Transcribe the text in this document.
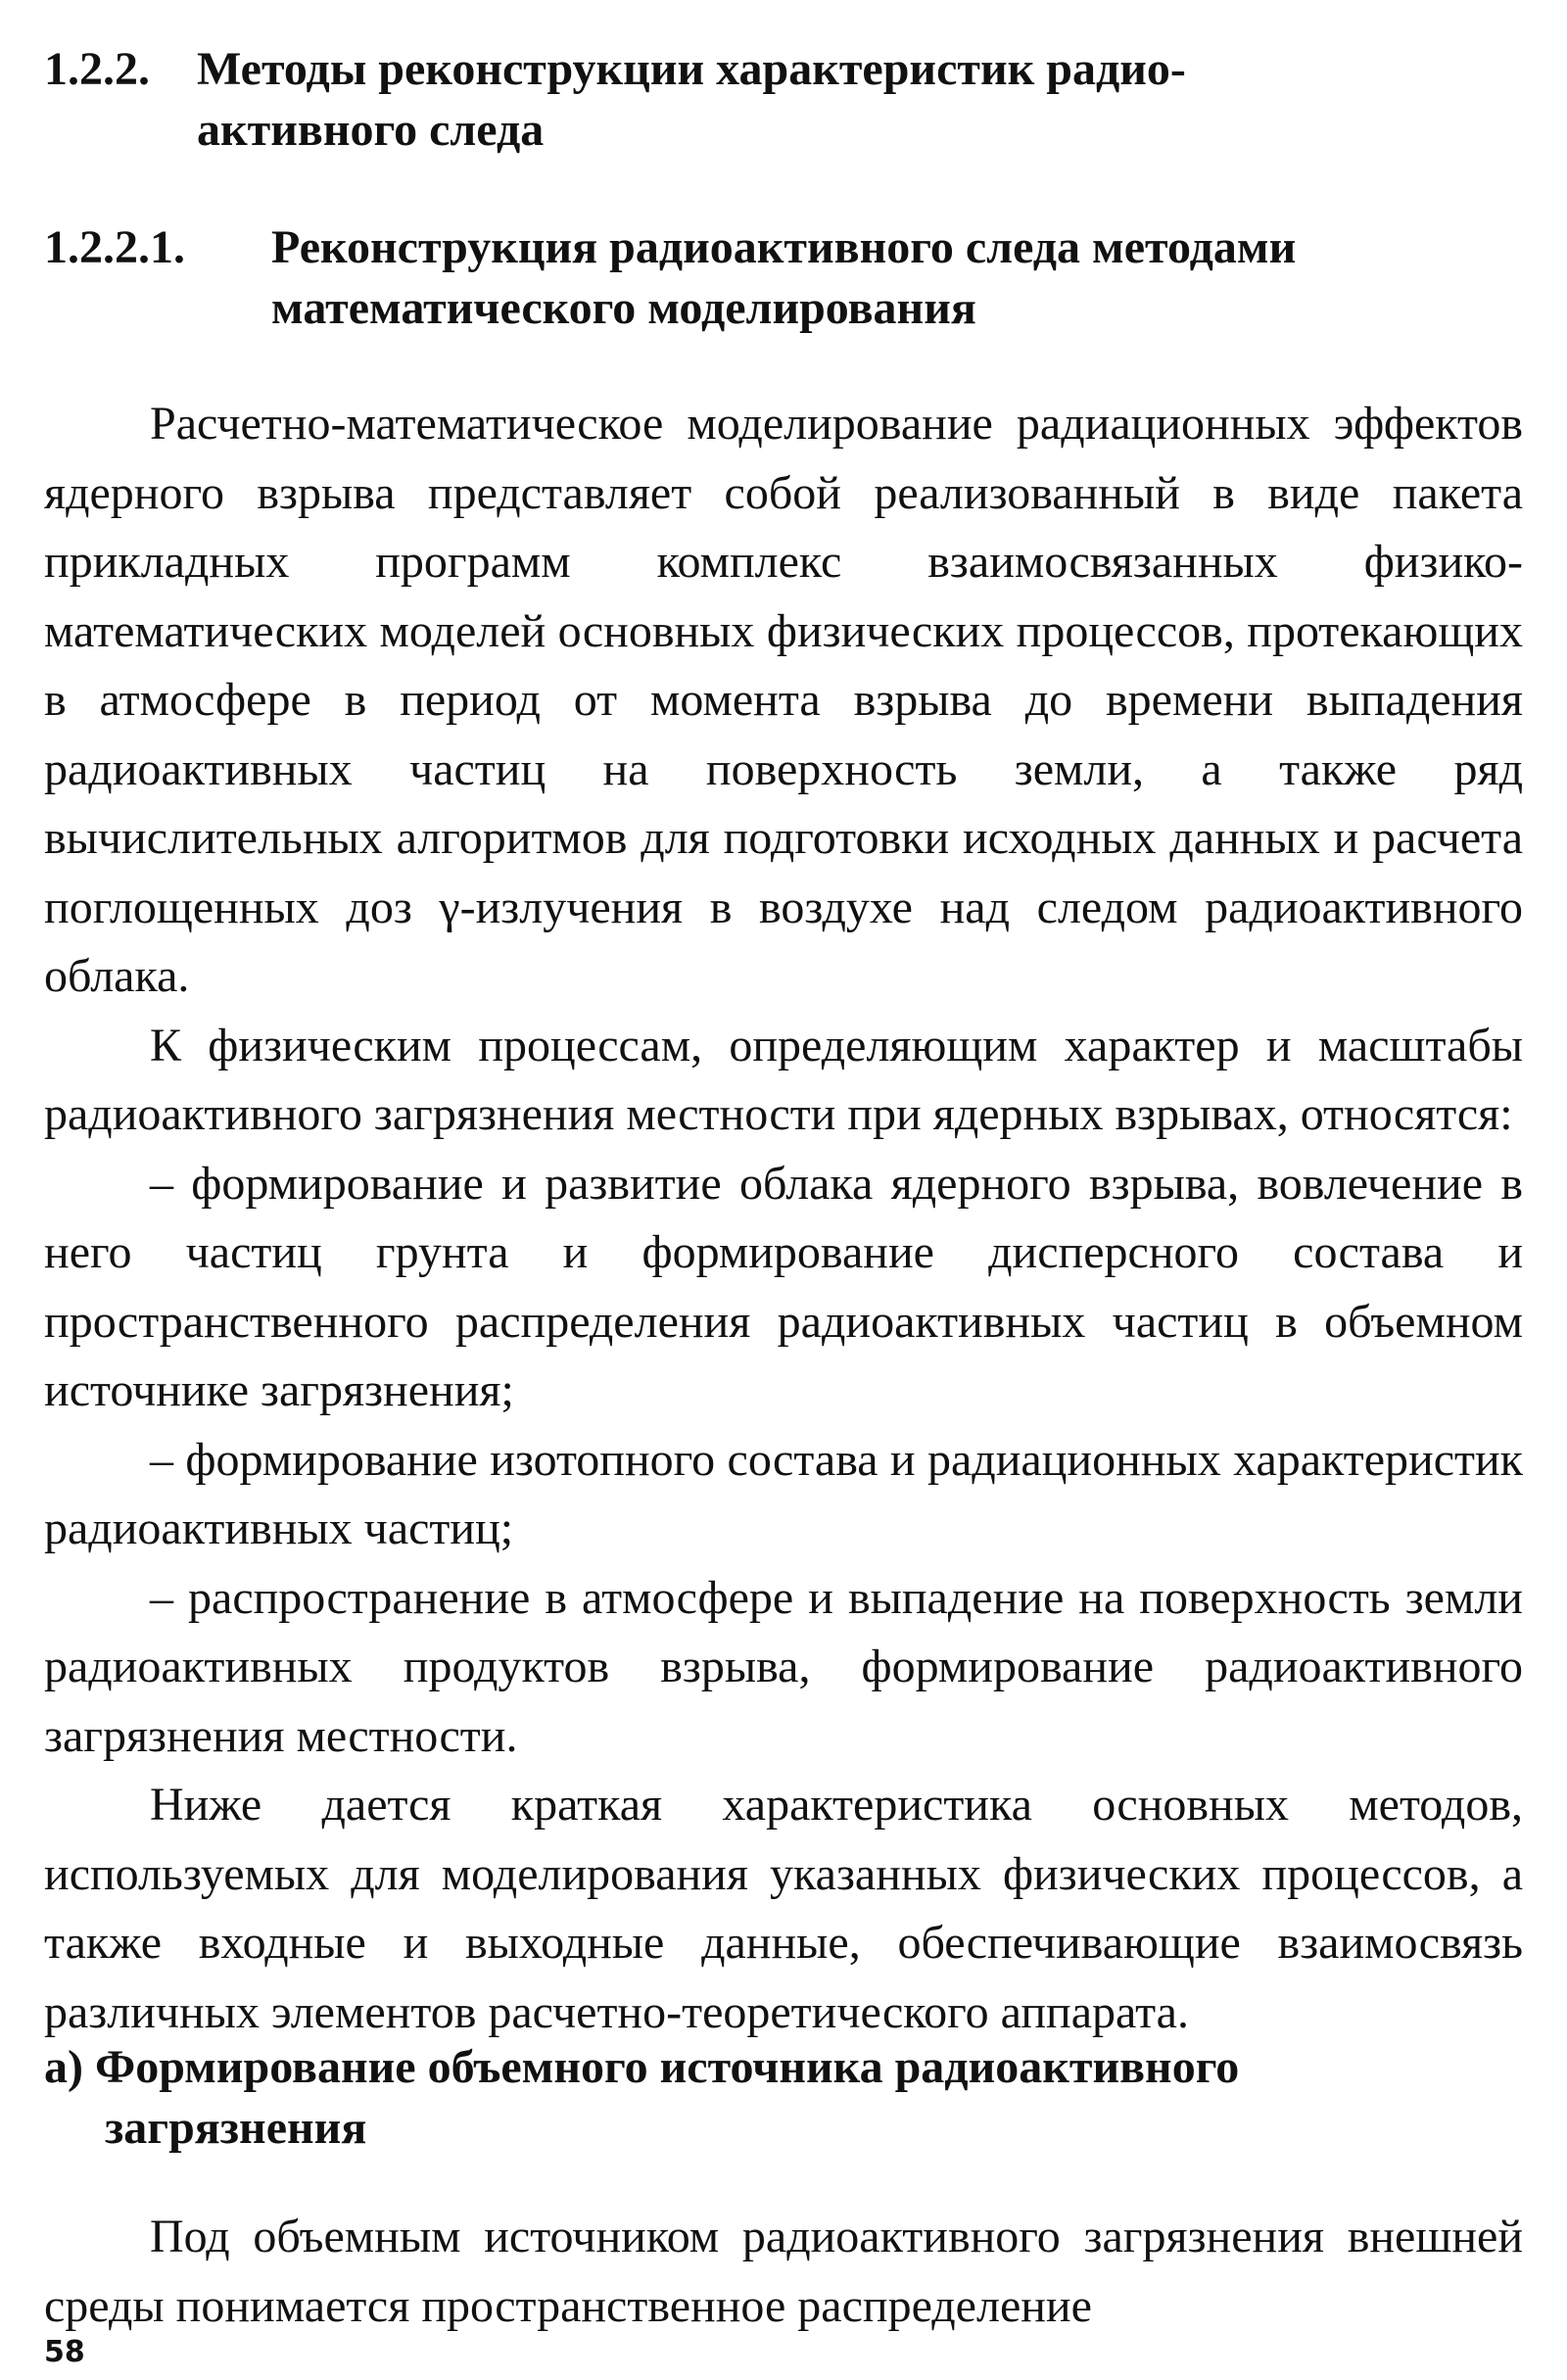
1.2.2. Методы реконструкции характеристик радио-
активного следа
1.2.2.1. Реконструкция радиоактивного следа методами
математического моделирования

Расчетно-математическое моделирование радиационных эффектов ядерного взрыва представляет собой реализованный в виде пакета прикладных программ комплекс взаимосвязанных физико-математических моделей основных физических процессов, протекающих в атмосфере в период от момента взрыва до времени выпадения радиоактивных частиц на поверхность земли, а также ряд вычислительных алгоритмов для подготовки исходных данных и расчета поглощенных доз γ-излучения в воздухе над следом радиоактивного облака.

К физическим процессам, определяющим характер и масштабы радиоактивного загрязнения местности при ядерных взрывах, относятся:

– формирование и развитие облака ядерного взрыва, вовлечение в него частиц грунта и формирование дисперсного состава и пространственного распределения радиоактивных частиц в объемном источнике загрязнения;

– формирование изотопного состава и радиационных характеристик радиоактивных частиц;

– распространение в атмосфере и выпадение на поверхность земли радиоактивных продуктов взрыва, формирование радиоактивного загрязнения местности.

Ниже дается краткая характеристика основных методов, используемых для моделирования указанных физических процессов, а также входные и выходные данные, обеспечивающие взаимосвязь различных элементов расчетно-теоретического аппарата.

а) Формирование объемного источника радиоактивного
загрязнения

Под объемным источником радиоактивного загрязнения внешней среды понимается пространственное распределение

58
